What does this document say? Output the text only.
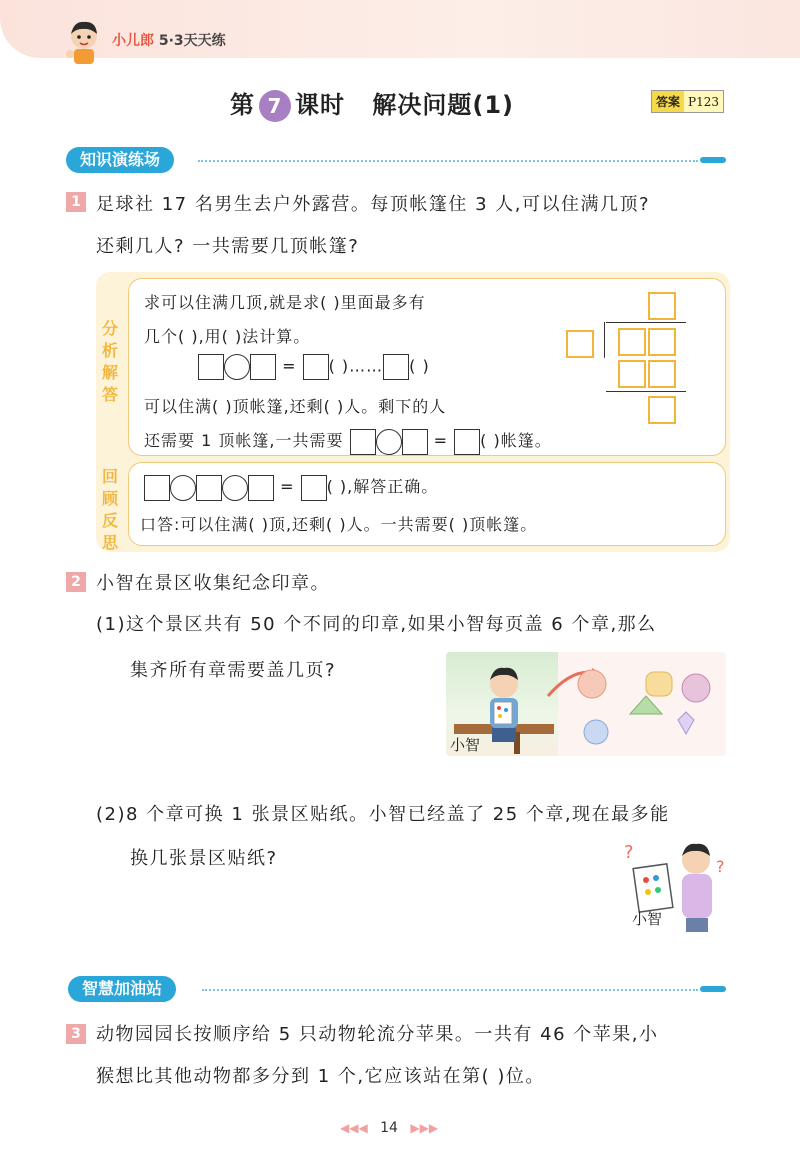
小儿郎 5·3天天练
第 7 课时 解决问题(1)	答案 P123
知识演练场
1 足球社 17 名男生去户外露营。每顶帐篷住 3 人,可以住满几顶?
还剩几人? 一共需要几顶帐篷?
分析解答
求可以住满几顶,就是求( )里面最多有
几个( ),用( )法计算。
= ( )…… ( )
可以住满( )顶帐篷,还剩( )人。剩下的人
还需要 1 顶帐篷,一共需要	= ( )帐篷。
回顾反思
= ( ),解答正确。
口答:可以住满( )顶,还剩( )人。一共需要( )顶帐篷。
2 小智在景区收集纪念印章。
(1)这个景区共有 50 个不同的印章,如果小智每页盖 6 个章,那么
集齐所有章需要盖几页?
小智
(2)8 个章可换 1 张景区贴纸。小智已经盖了 25 个章,现在最多能
换几张景区贴纸?	?
?
小智
智慧加油站
3 动物园园长按顺序给 5 只动物轮流分苹果。一共有 46 个苹果,小
猴想比其他动物都多分到 1 个,它应该站在第( )位。
◀◀◀ 14 ▶▶▶
